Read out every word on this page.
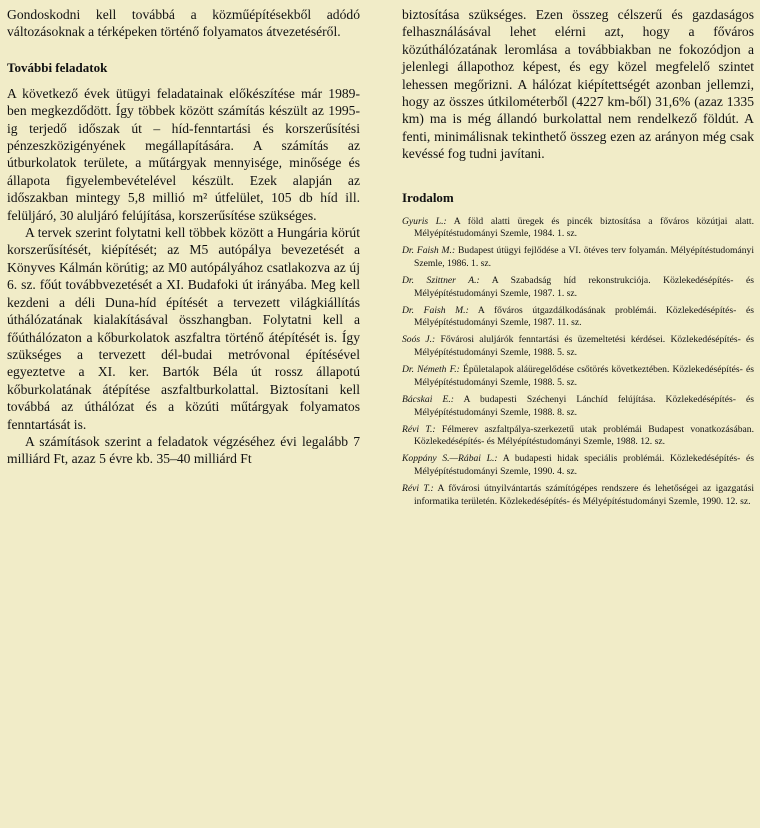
Gondoskodni kell továbbá a közműépítésekből adódó változásoknak a térképeken történő folyamatos átvezetéséről.

További feladatok

A következő évek ütügyi feladatainak előkészítése már 1989-ben megkezdődött. Így többek között számítás készült az 1995-ig terjedő időszak út – híd-fenntartási és korszerűsítési pénzeszközigényének megállapítására. A számítás az útburkolatok területe, a műtárgyak mennyisége, minősége és állapota figyelembevételével készült. Ezek alapján az időszakban mintegy 5,8 millió m² útfelület, 105 db híd ill. felüljáró, 30 aluljáró felújítása, korszerűsítése szükséges.

A tervek szerint folytatni kell többek között a Hungária körút korszerűsítését, kiépítését; az M5 autópálya bevezetését a Könyves Kálmán körútig; az M0 autópályához csatlakozva az új 6. sz. főút továbbvezetését a XI. Budafoki út irányába. Meg kell kezdeni a déli Duna-híd építését a tervezett világkiállítás úthálózatának kialakításával összhangban. Folytatni kell a főúthálózaton a kőburkolatok aszfaltra történő átépítését is. Így szükséges a tervezett dél-budai metróvonal építésével egyeztetve a XI. ker. Bartók Béla út rossz állapotú kőburkolatának átépítése aszfaltburkolattal. Biztosítani kell továbbá az úthálózat és a közúti műtárgyak folyamatos fenntartását is.

A számítások szerint a feladatok végzéséhez évi legalább 7 milliárd Ft, azaz 5 évre kb. 35–40 milliárd Ft

biztosítása szükséges. Ezen összeg célszerű és gazdaságos felhasználásával lehet elérni azt, hogy a főváros közúthálózatának leromlása a továbbiakban ne fokozódjon a jelenlegi állapothoz képest, és egy közel megfelelő szintet lehessen megőrizni. A hálózat kiépítettségét azonban jellemzi, hogy az összes útkilométerből (4227 km-ből) 31,6% (azaz 1335 km) ma is még állandó burkolattal nem rendelkező földút. A fenti, minimálisnak tekinthető összeg ezen az arányon még csak kevéssé fog tudni javítani.

Irodalom
Gyuris L.: A föld alatti üregek és pincék biztosítása a főváros közútjai alatt. Mélyépítéstudományi Szemle, 1984. 1. sz.
Dr. Faish M.: Budapest útügyi fejlődése a VI. ötéves terv folyamán. Mélyépítéstudományi Szemle, 1986. 1. sz.
Dr. Szittner A.: A Szabadság híd rekonstrukciója. Közlekedésépítés- és Mélyépítéstudományi Szemle, 1987. 1. sz.
Dr. Faish M.: A főváros útgazdálkodásának problémái. Közlekedésépítés- és Mélyépítéstudományi Szemle, 1987. 11. sz.
Soós J.: Fővárosi aluljárók fenntartási és üzemeltetési kérdései. Közlekedésépítés- és Mélyépítéstudományi Szemle, 1988. 5. sz.
Dr. Németh F.: Épületalapok aláüregelődése csőtörés következtében. Közlekedésépítés- és Mélyépítéstudományi Szemle, 1988. 5. sz.
Bácskai E.: A budapesti Széchenyi Lánchíd felújítása. Közlekedésépítés- és Mélyépítéstudományi Szemle, 1988. 8. sz.
Révi T.: Félmerev aszfaltpálya-szerkezetű utak problémái Budapest vonatkozásában. Közlekedésépítés- és Mélyépítéstudományi Szemle, 1988. 12. sz.
Koppány S.—Rábai L.: A budapesti hidak speciális problémái. Közlekedésépítés- és Mélyépítéstudományi Szemle, 1990. 4. sz.
Révi T.: A fővárosi útnyilvántartás számítógépes rendszere és lehetőségei az igazgatási informatika területén. Közlekedésépítés- és Mélyépítéstudományi Szemle, 1990. 12. sz.
